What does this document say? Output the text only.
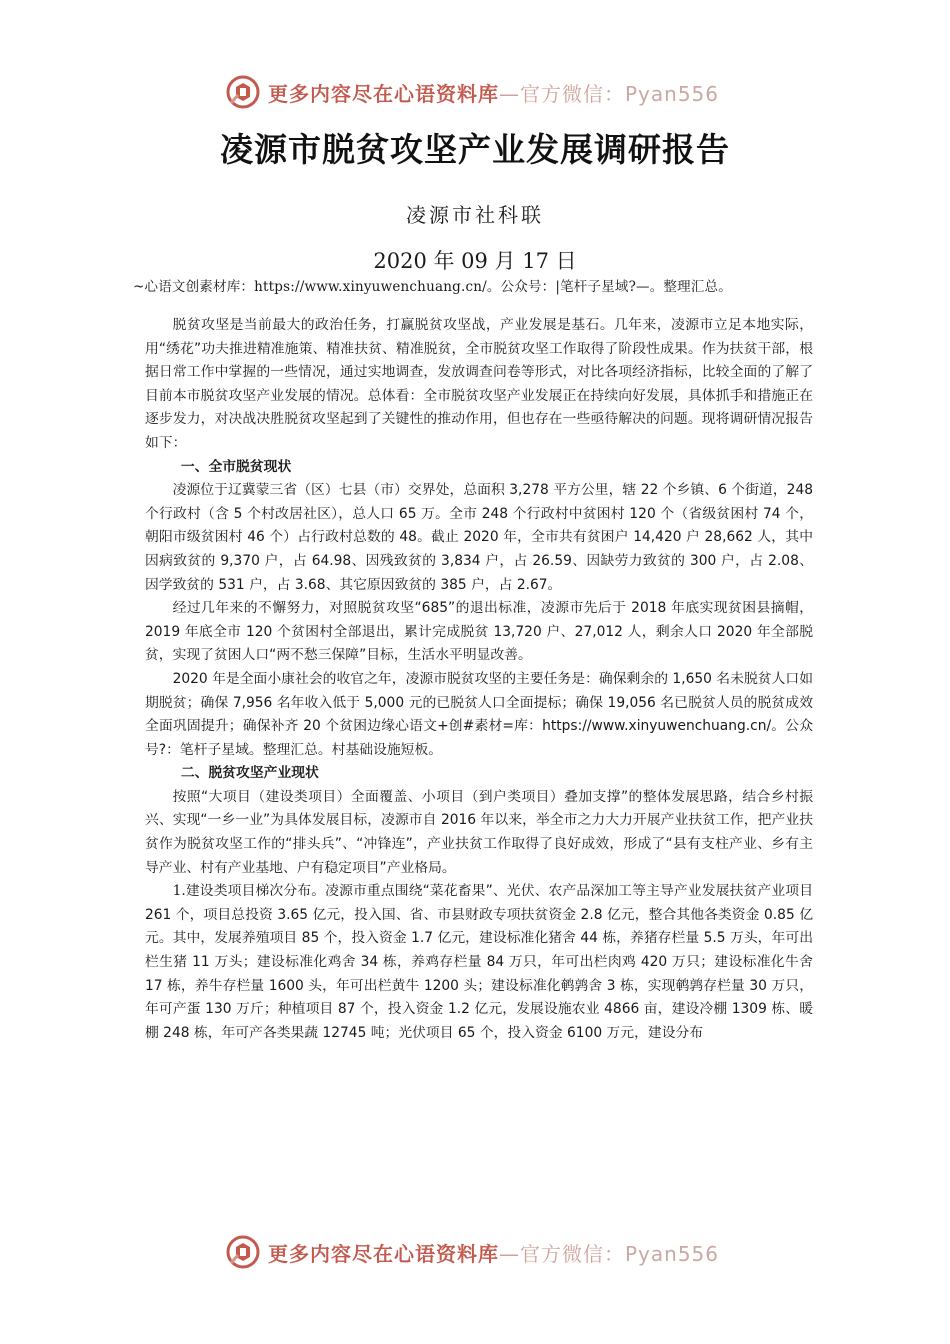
更多内容尽在心语资料库—官方微信：Pyan556
凌源市脱贫攻坚产业发展调研报告
凌源市社科联
2020 年 09 月 17 日
~心语文创素材库：https://www.xinyuwenchuang.cn/。公众号：|笔杆子星域?—。整理汇总。

脱贫攻坚是当前最大的政治任务，打赢脱贫攻坚战，产业发展是基石。几年来，凌源市立足本地实际，用“绣花”功夫推进精准施策、精准扶贫、精准脱贫，全市脱贫攻坚工作取得了阶段性成果。作为扶贫干部，根据日常工作中掌握的一些情况，通过实地调查，发放调查问卷等形式，对比各项经济指标，比较全面的了解了目前本市脱贫攻坚产业发展的情况。总体看：全市脱贫攻坚产业发展正在持续向好发展，具体抓手和措施正在逐步发力，对决战决胜脱贫攻坚起到了关键性的推动作用，但也存在一些亟待解决的问题。现将调研情况报告如下：

一、全市脱贫现状

凌源位于辽冀蒙三省（区）七县（市）交界处，总面积 3,278 平方公里，辖 22 个乡镇、6 个街道，248 个行政村（含 5 个村改居社区），总人口 65 万。全市 248 个行政村中贫困村 120 个（省级贫困村 74 个，朝阳市级贫困村 46 个）占行政村总数的 48。截止 2020 年，全市共有贫困户 14,420 户 28,662 人，其中因病致贫的 9,370 户，占 64.98、因残致贫的 3,834 户，占 26.59、因缺劳力致贫的 300 户，占 2.08、因学致贫的 531 户，占 3.68、其它原因致贫的 385 户，占 2.67。

经过几年来的不懈努力，对照脱贫攻坚“685”的退出标准，凌源市先后于 2018 年底实现贫困县摘帽，2019 年底全市 120 个贫困村全部退出，累计完成脱贫 13,720 户、27,012 人，剩余人口 2020 年全部脱贫，实现了贫困人口“两不愁三保障”目标，生活水平明显改善。

2020 年是全面小康社会的收官之年，凌源市脱贫攻坚的主要任务是：确保剩余的 1,650 名未脱贫人口如期脱贫；确保 7,956 名年收入低于 5,000 元的已脱贫人口全面提标；确保 19,056 名已脱贫人员的脱贫成效全面巩固提升；确保补齐 20 个贫困边缘心语文+创#素材=库：https://www.xinyuwenchuang.cn/。公众号?：笔杆子星域。整理汇总。村基础设施短板。

二、脱贫攻坚产业现状

按照“大项目（建设类项目）全面覆盖、小项目（到户类项目）叠加支撑”的整体发展思路，结合乡村振兴、实现“一乡一业”为具体发展目标，凌源市自 2016 年以来，举全市之力大力开展产业扶贫工作，把产业扶贫作为脱贫攻坚工作的“排头兵”、“冲锋连”，产业扶贫工作取得了良好成效，形成了“县有支柱产业、乡有主导产业、村有产业基地、户有稳定项目”产业格局。

1.建设类项目梯次分布。凌源市重点围绕“菜花畜果”、光伏、农产品深加工等主导产业发展扶贫产业项目 261 个，项目总投资 3.65 亿元，投入国、省、市县财政专项扶贫资金 2.8 亿元，整合其他各类资金 0.85 亿元。其中，发展养殖项目 85 个，投入资金 1.7 亿元，建设标准化猪舍 44 栋，养猪存栏量 5.5 万头，年可出栏生猪 11 万头；建设标准化鸡舍 34 栋，养鸡存栏量 84 万只，年可出栏肉鸡 420 万只；建设标准化牛舍 17 栋，养牛存栏量 1600 头，年可出栏黄牛 1200 头；建设标准化鹌鹑舍 3 栋，实现鹌鹑存栏量 30 万只，年可产蛋 130 万斤；种植项目 87 个，投入资金 1.2 亿元，发展设施农业 4866 亩，建设冷棚 1309 栋、暖棚 248 栋，年可产各类果蔬 12745 吨；光伏项目 65 个，投入资金 6100 万元，建设分布

更多内容尽在心语资料库—官方微信：Pyan556
